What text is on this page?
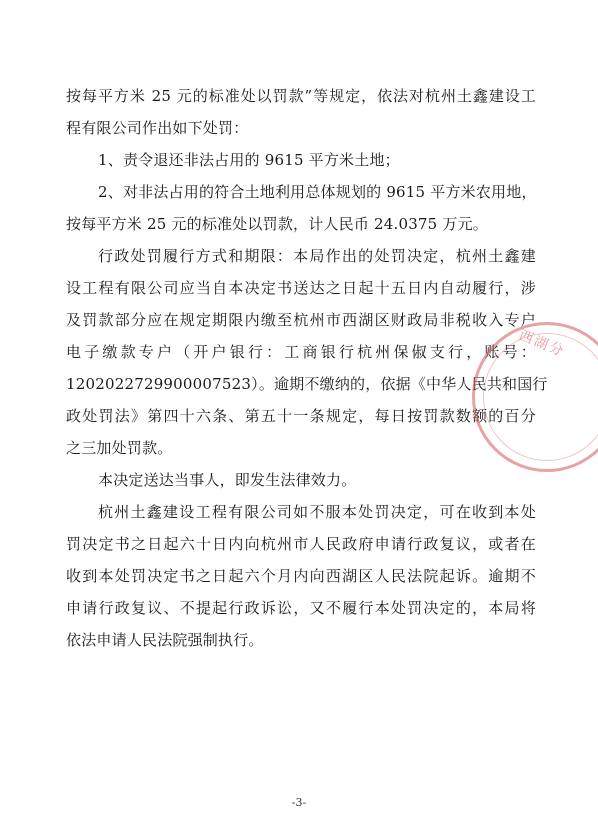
按每平方米 25 元的标准处以罚款”等规定，依法对杭州土鑫建设工
程有限公司作出如下处罚：
1、责令退还非法占用的 9615 平方米土地；
2、对非法占用的符合土地利用总体规划的 9615 平方米农用地，
按每平方米 25 元的标准处以罚款，计人民币 24.0375 万元。
行政处罚履行方式和期限：本局作出的处罚决定，杭州土鑫建
设工程有限公司应当自本决定书送达之日起十五日内自动履行，涉
及罚款部分应在规定期限内缴至杭州市西湖区财政局非税收入专户
电子缴款专户（开户银行：工商银行杭州保俶支行，账号：
1202022729900007523）。逾期不缴纳的，依据《中华人民共和国行
政处罚法》第四十六条、第五十一条规定，每日按罚款数额的百分
之三加处罚款。
本决定送达当事人，即发生法律效力。
杭州土鑫建设工程有限公司如不服本处罚决定，可在收到本处
罚决定书之日起六十日内向杭州市人民政府申请行政复议，或者在
收到本处罚决定书之日起六个月内向西湖区人民法院起诉。逾期不
申请行政复议、不提起行政诉讼，又不履行本处罚决定的，本局将
依法申请人民法院强制执行。
西湖分
-3-
